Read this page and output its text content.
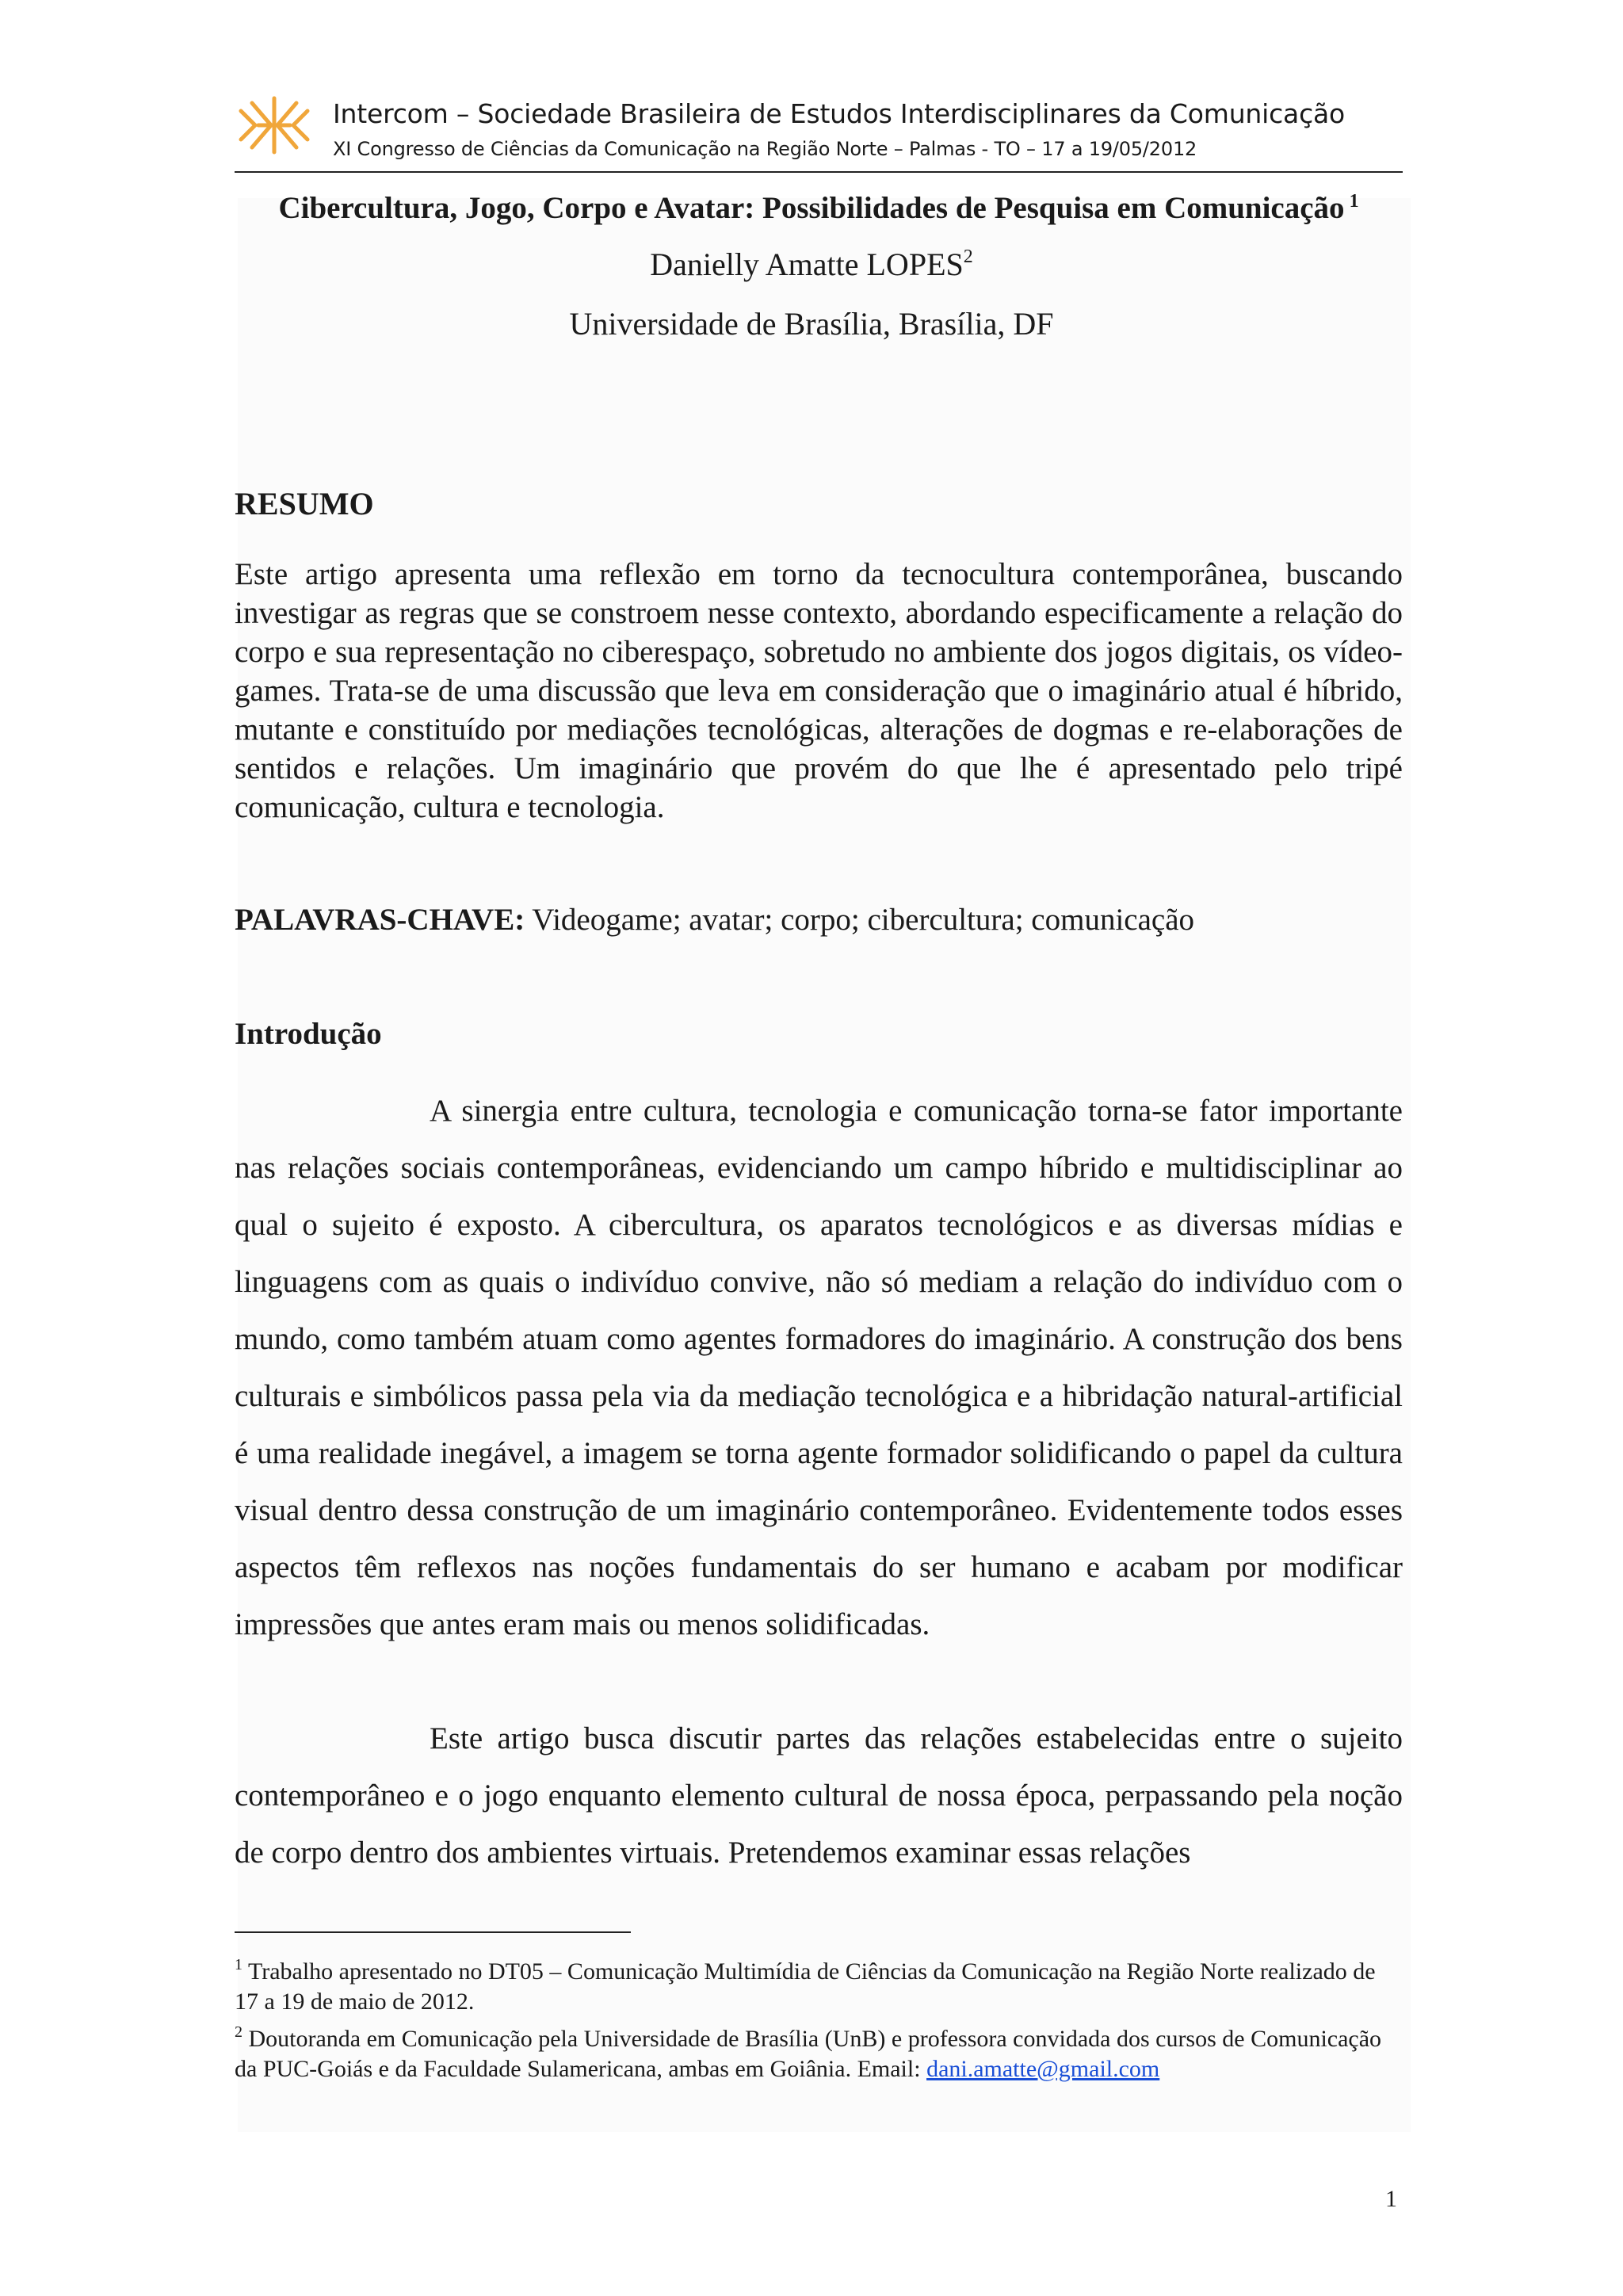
Intercom – Sociedade Brasileira de Estudos Interdisciplinares da Comunicação
XI Congresso de Ciências da Comunicação na Região Norte – Palmas - TO – 17 a 19/05/2012
Cibercultura, Jogo, Corpo e Avatar: Possibilidades de Pesquisa em Comunicação $^1$
Danielly Amatte LOPES$^2$
Universidade de Brasília, Brasília, DF
RESUMO

Este artigo apresenta uma reflexão em torno da tecnocultura contemporânea, buscando investigar as regras que se constroem nesse contexto, abordando especificamente a relação do corpo e sua representação no ciberespaço, sobretudo no ambiente dos jogos digitais, os vídeo-games. Trata-se de uma discussão que leva em consideração que o imaginário atual é híbrido, mutante e constituído por mediações tecnológicas, alterações de dogmas e re-elaborações de sentidos e relações. Um imaginário que provém do que lhe é apresentado pelo tripé comunicação, cultura e tecnologia.

PALAVRAS-CHAVE: Videogame; avatar; corpo; cibercultura; comunicação
Introdução

A sinergia entre cultura, tecnologia e comunicação torna-se fator importante nas relações sociais contemporâneas, evidenciando um campo híbrido e multidisciplinar ao qual o sujeito é exposto. A cibercultura, os aparatos tecnológicos e as diversas mídias e linguagens com as quais o indivíduo convive, não só mediam a relação do indivíduo com o mundo, como também atuam como agentes formadores do imaginário. A construção dos bens culturais e simbólicos passa pela via da mediação tecnológica e a hibridação natural-artificial é uma realidade inegável, a imagem se torna agente formador solidificando o papel da cultura visual dentro dessa construção de um imaginário contemporâneo. Evidentemente todos esses aspectos têm reflexos nas noções fundamentais do ser humano e acabam por modificar impressões que antes eram mais ou menos solidificadas.

Este artigo busca discutir partes das relações estabelecidas entre o sujeito contemporâneo e o jogo enquanto elemento cultural de nossa época, perpassando pela noção de corpo dentro dos ambientes virtuais. Pretendemos examinar essas relações

$^1$ Trabalho apresentado no DT05 – Comunicação Multimídia de Ciências da Comunicação na Região Norte realizado de 17 a 19 de maio de 2012.

$^2$ Doutoranda em Comunicação pela Universidade de Brasília (UnB) e professora convidada dos cursos de Comunicação da PUC-Goiás e da Faculdade Sulamericana, ambas em Goiânia. Email: dani.amatte@gmail.com

1
